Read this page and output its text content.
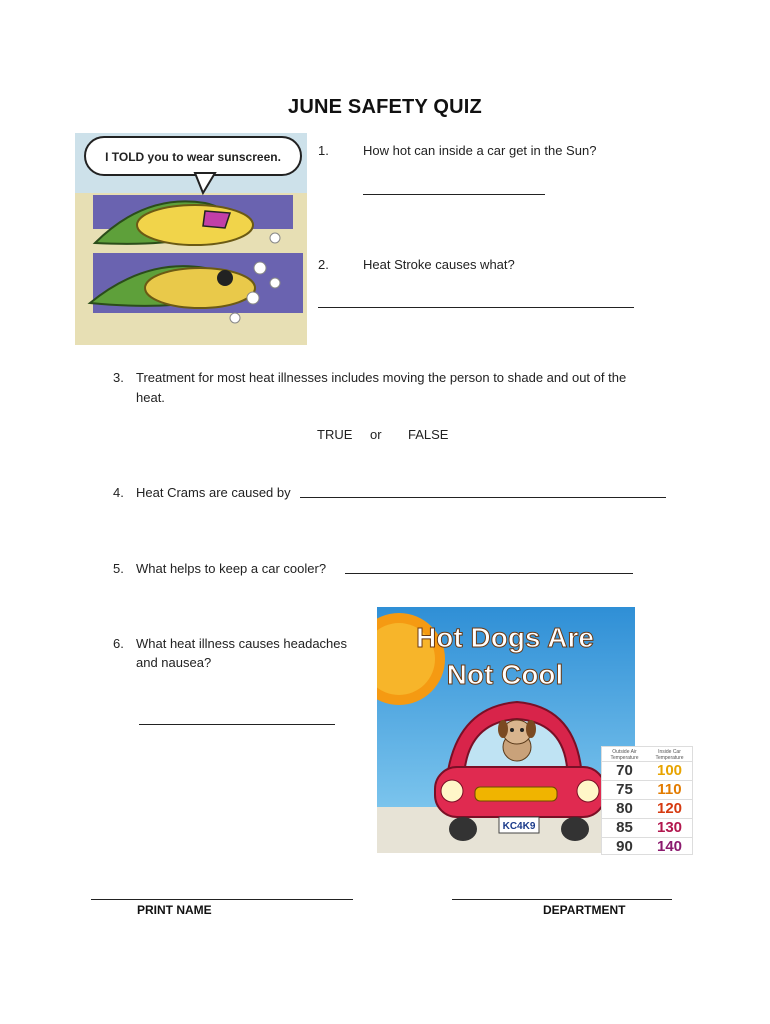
JUNE SAFETY QUIZ
I TOLD you to wear sunscreen.	1.	How hot can inside a car get in the Sun?
2.	Heat Stroke causes what?
3. Treatment for most heat illnesses includes moving the person to shade and out of the
heat.
TRUE or FALSE
4. Heat Crams are caused by
5. What helps to keep a car cooler?
6. What heat illness causes headaches
and nausea?
Hot Dogs Are
Not Cool
KC4K9
Outside Air Temperature
Inside Car Temperature
70	100
75	110
80	120
85	130
90	140
PRINT NAME	DEPARTMENT
